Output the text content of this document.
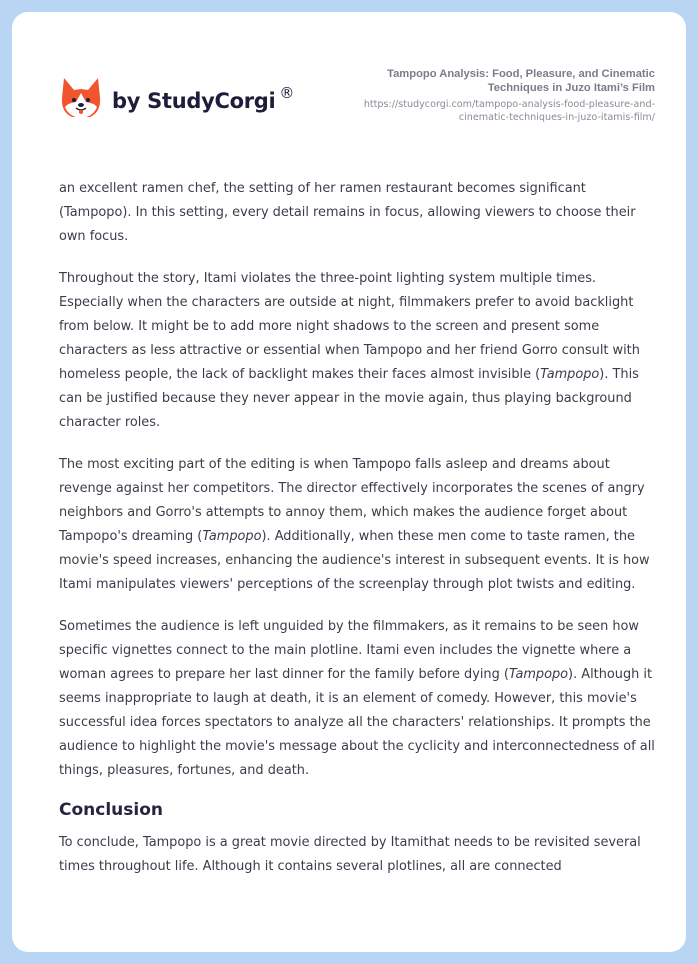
by StudyCorgi ®
Tampopo Analysis: Food, Pleasure, and Cinematic
Techniques in Juzo Itami’s Film
https://studycorgi.com/tampopo-analysis-food-pleasure-and-
cinematic-techniques-in-juzo-itamis-film/

an excellent ramen chef, the setting of her ramen restaurant becomes significant (Tampopo). In this setting, every detail remains in focus, allowing viewers to choose their own focus.

Throughout the story, Itami violates the three-point lighting system multiple times. Especially when the characters are outside at night, filmmakers prefer to avoid backlight from below. It might be to add more night shadows to the screen and present some characters as less attractive or essential when Tampopo and her friend Gorro consult with homeless people, the lack of backlight makes their faces almost invisible (Tampopo). This can be justified because they never appear in the movie again, thus playing background character roles.

The most exciting part of the editing is when Tampopo falls asleep and dreams about revenge against her competitors. The director effectively incorporates the scenes of angry neighbors and Gorro's attempts to annoy them, which makes the audience forget about Tampopo's dreaming (Tampopo). Additionally, when these men come to taste ramen, the movie's speed increases, enhancing the audience's interest in subsequent events. It is how Itami manipulates viewers' perceptions of the screenplay through plot twists and editing.

Sometimes the audience is left unguided by the filmmakers, as it remains to be seen how specific vignettes connect to the main plotline. Itami even includes the vignette where a woman agrees to prepare her last dinner for the family before dying (Tampopo). Although it seems inappropriate to laugh at death, it is an element of comedy. However, this movie's successful idea forces spectators to analyze all the characters' relationships. It prompts the audience to highlight the movie's message about the cyclicity and interconnectedness of all things, pleasures, fortunes, and death.

Conclusion

To conclude, Tampopo is a great movie directed by Itamithat needs to be revisited several times throughout life. Although it contains several plotlines, all are connected
